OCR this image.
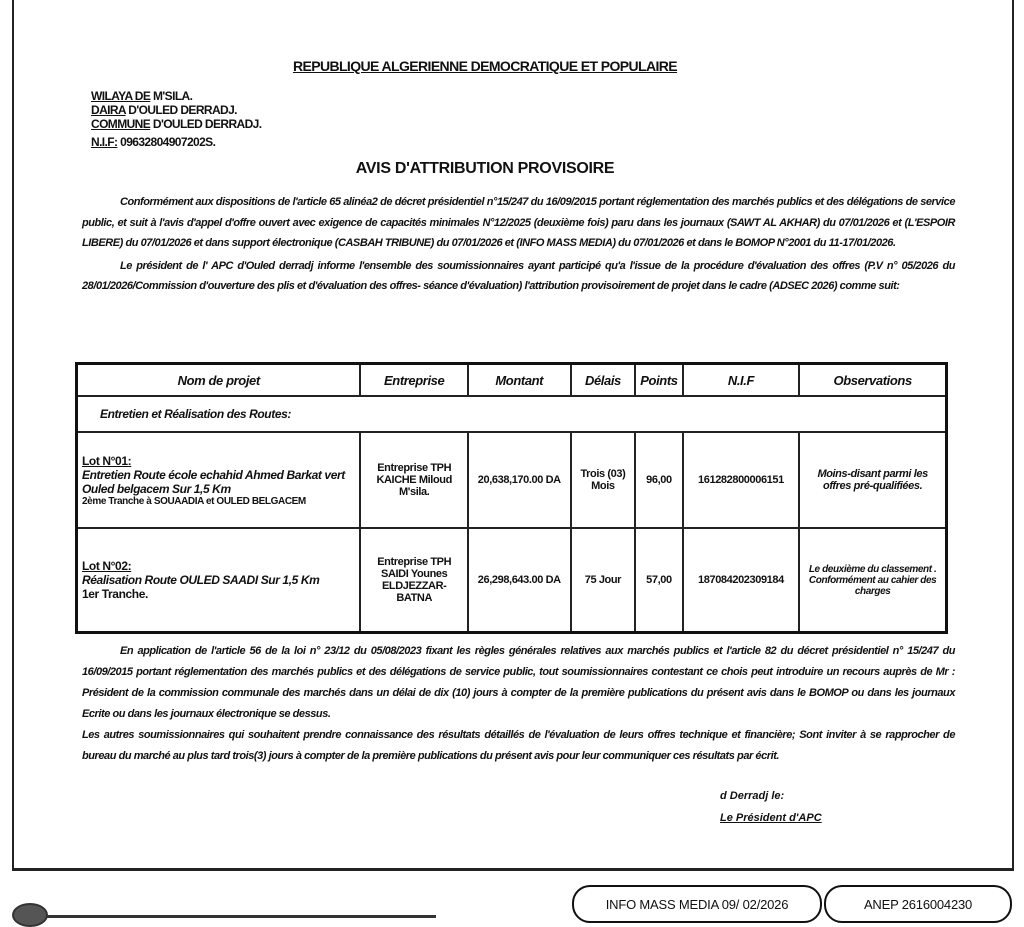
REPUBLIQUE ALGERIENNE DEMOCRATIQUE ET POPULAIRE
WILAYA DE M'SILA.
DAIRA D'OULED DERRADJ.
COMMUNE D'OULED DERRADJ.
N.I.F: 09632804907202S.
AVIS D'ATTRIBUTION PROVISOIRE

Conformément aux dispositions de l'article 65 alinéa2 de décret présidentiel n°15/247 du 16/09/2015 portant réglementation des marchés publics et des délégations de service public, et suit à l'avis d'appel d'offre ouvert avec exigence de capacités minimales N°12/2025 (deuxième fois) paru dans les journaux (SAWT AL AKHAR) du 07/01/2026 et (L'ESPOIR LIBERE) du 07/01/2026 et dans support électronique (CASBAH TRIBUNE) du 07/01/2026 et (INFO MASS MEDIA) du 07/01/2026 et dans le BOMOP N°2001 du 11-17/01/2026.

Le président de l' APC d'Ouled derradj informe l'ensemble des soumissionnaires ayant participé qu'a l'issue de la procédure d'évaluation des offres (P.V n° 05/2026 du 28/01/2026/Commission d'ouverture des plis et d'évaluation des offres- séance d'évaluation) l'attribution provisoirement de projet dans le cadre (ADSEC 2026) comme suit:

Nom de projet	Entreprise	Montant	Délais	Points	N.I.F	Observations
Entretien et Réalisation des Routes:						

Lot N°01:
Entretien Route école echahid Ahmed Barkat vert Ouled belgacem Sur 1,5 Km
2ème Tranche à SOUAADIA et OULED BELGACEM	Entreprise TPH KAICHE Miloud M'sila.	20,638,170.00 DA	Trois (03) Mois	96,00	161282800006151	Moins-disant parmi les offres pré-qualifiées.

Lot N°02:
Réalisation Route OULED SAADI Sur 1,5 Km
1er Tranche.	Entreprise TPH SAIDI Younes ELDJEZZAR-BATNA	26,298,643.00 DA	75 Jour	57,00	187084202309184	Le deuxième du classement . Conformément au cahier des charges

En application de l'article 56 de la loi n° 23/12 du 05/08/2023 fixant les règles générales relatives aux marchés publics et l'article 82 du décret présidentiel n° 15/247 du 16/09/2015 portant réglementation des marchés publics et des délégations de service public, tout soumissionnaires contestant ce chois peut introduire un recours auprès de Mr : Président de la commission communale des marchés dans un délai de dix (10) jours à compter de la première publications du présent avis dans le BOMOP ou dans les journaux Ecrite ou dans les journaux électronique se dessus.

Les autres soumissionnaires qui souhaitent prendre connaissance des résultats détaillés de l'évaluation de leurs offres technique et financière; Sont inviter à se rapprocher de bureau du marché au plus tard trois(3) jours à compter de la première publications du présent avis pour leur communiquer ces résultats par écrit.

d Derradj le:
Le Président d'APC
INFO MASS MEDIA 09/ 02/2026	ANEP 2616004230
